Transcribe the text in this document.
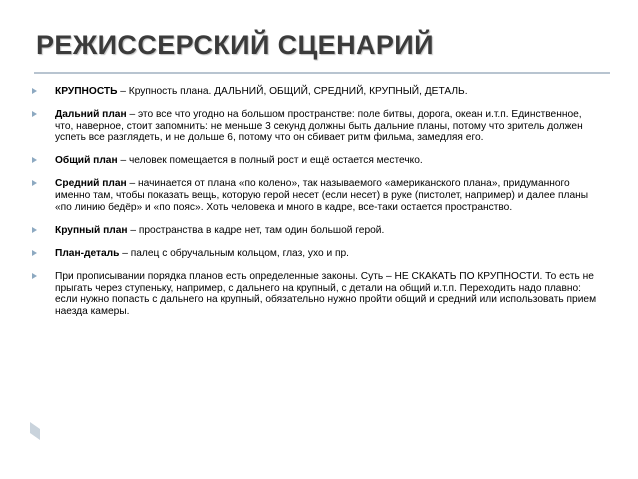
РЕЖИССЕРСКИЙ СЦЕНАРИЙ
КРУПНОСТЬ – Крупность плана. ДАЛЬНИЙ, ОБЩИЙ, СРЕДНИЙ, КРУПНЫЙ, ДЕТАЛЬ.
Дальний план – это все что угодно на большом пространстве: поле битвы, дорога, океан и.т.п. Единственное, что, наверное, стоит запомнить: не меньше 3 секунд должны быть дальние планы, потому что зритель должен успеть все разглядеть, и не дольше 6, потому что он сбивает ритм фильма, замедляя его.
Общий план – человек помещается в полный рост и ещё остается местечко.
Средний план – начинается от плана «по колено», так называемого «американского плана», придуманного именно там, чтобы показать вещь, которую герой несет (если несет) в руке (пистолет, например) и далее планы «по линию бедёр» и «по пояс». Хоть человека и много в кадре, все-таки остается пространство.
Крупный план – пространства в кадре нет, там один большой герой.
План-деталь – палец с обручальным кольцом, глаз, ухо и пр.
При прописывании порядка планов есть определенные законы. Суть – НЕ СКАКАТЬ ПО КРУПНОСТИ. То есть не прыгать через ступеньку, например, с дальнего на крупный, с детали на общий и.т.п. Переходить надо плавно: если нужно попасть с дальнего на крупный, обязательно нужно пройти общий и средний или использовать прием наезда камеры.
